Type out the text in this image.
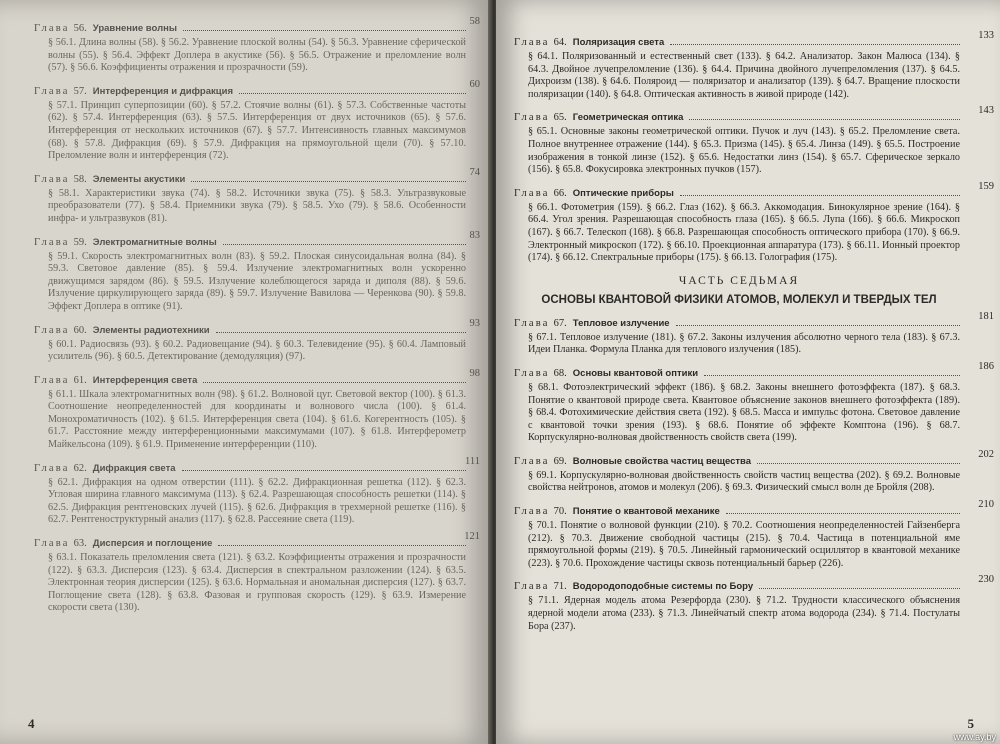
Глава 56. Уравнение волны
58
§ 56.1. Длина волны (58). § 56.2. Уравнение плоской волны (54). § 56.3. Уравнение сферической волны (55). § 56.4. Эффект Доплера в акустике (56). § 56.5. Отражение и преломление волн (57). § 56.6. Коэффициенты отражения и прозрачности (59).
Глава 57. Интерференция и дифракция
60
§ 57.1. Принцип суперпозиции (60). § 57.2. Стоячие волны (61). § 57.3. Собственные частоты (62). § 57.4. Интерференция (63). § 57.5. Интерференция от двух источников (65). § 57.6. Интерференция от нескольких источников (67). § 57.7. Интенсивность главных максимумов (68). § 57.8. Дифракция (69). § 57.9. Дифракция на прямоугольной щели (70). § 57.10. Преломление волн и интерференция (72).
Глава 58. Элементы акустики
74
§ 58.1. Характеристики звука (74). § 58.2. Источники звука (75). § 58.3. Ультразвуковые преобразователи (77). § 58.4. Приемники звука (79). § 58.5. Ухо (79). § 58.6. Особенности инфра- и ультразвуков (81).
Глава 59. Электромагнитные волны
83
§ 59.1. Скорость электромагнитных волн (83). § 59.2. Плоская синусоидальная волна (84). § 59.3. Световое давление (85). § 59.4. Излучение электромагнитных волн ускоренно движущимся зарядом (86). § 59.5. Излучение колеблющегося заряда и диполя (88). § 59.6. Излучение циркулирующего заряда (89). § 59.7. Излучение Вавилова — Черенкова (90). § 59.8. Эффект Доплера в оптике (91).
Глава 60. Элементы радиотехники
93
§ 60.1. Радиосвязь (93). § 60.2. Радиовещание (94). § 60.3. Телевидение (95). § 60.4. Ламповый усилитель (96). § 60.5. Детектирование (демодуляция) (97).
Глава 61. Интерференция света
98
§ 61.1. Шкала электромагнитных волн (98). § 61.2. Волновой цуг. Световой вектор (100). § 61.3. Соотношение неопределенностей для координаты и волнового числа (100). § 61.4. Монохроматичность (102). § 61.5. Интерференция света (104). § 61.6. Когерентность (105). § 61.7. Расстояние между интерференционными максимумами (107). § 61.8. Интерферометр Майкельсона (109). § 61.9. Применение интерференции (110).
Глава 62. Дифракция света
111
§ 62.1. Дифракция на одном отверстии (111). § 62.2. Дифракционная решетка (112). § 62.3. Угловая ширина главного максимума (113). § 62.4. Разрешающая способность решетки (114). § 62.5. Дифракция рентгеновских лучей (115). § 62.6. Дифракция в трехмерной решетке (116). § 62.7. Рентгеноструктурный анализ (117). § 62.8. Рассеяние света (119).
Глава 63. Дисперсия и поглощение
121
§ 63.1. Показатель преломления света (121). § 63.2. Коэффициенты отражения и прозрачности (122). § 63.3. Дисперсия (123). § 63.4. Дисперсия в спектральном разложении (124). § 63.5. Электронная теория дисперсии (125). § 63.6. Нормальная и аномальная дисперсия (127). § 63.7. Поглощение света (128). § 63.8. Фазовая и групповая скорость (129). § 63.9. Измерение скорости света (130).
4
Глава 64. Поляризация света
133
§ 64.1. Поляризованный и естественный свет (133). § 64.2. Анализатор. Закон Малюса (134). § 64.3. Двойное лучепреломление (136). § 64.4. Причина двойного лучепреломления (137). § 64.5. Дихроизм (138). § 64.6. Поляроид — поляризатор и анализатор (139). § 64.7. Вращение плоскости поляризации (140). § 64.8. Оптическая активность в живой природе (142).
Глава 65. Геометрическая оптика
143
§ 65.1. Основные законы геометрической оптики. Пучок и луч (143). § 65.2. Преломление света. Полное внутреннее отражение (144). § 65.3. Призма (145). § 65.4. Линза (149). § 65.5. Построение изображения в тонкой линзе (152). § 65.6. Недостатки линз (154). § 65.7. Сферическое зеркало (156). § 65.8. Фокусировка электронных пучков (157).
Глава 66. Оптические приборы
159
§ 66.1. Фотометрия (159). § 66.2. Глаз (162). § 66.3. Аккомодация. Бинокулярное зрение (164). § 66.4. Угол зрения. Разрешающая способность глаза (165). § 66.5. Лупа (166). § 66.6. Микроскоп (167). § 66.7. Телескоп (168). § 66.8. Разрешающая способность оптического прибора (170). § 66.9. Электронный микроскоп (172). § 66.10. Проекционная аппаратура (173). § 66.11. Ионный проектор (174). § 66.12. Спектральные приборы (175). § 66.13. Голография (175).
ЧАСТЬ СЕДЬМАЯ
ОСНОВЫ КВАНТОВОЙ ФИЗИКИ АТОМОВ, МОЛЕКУЛ И ТВЕРДЫХ ТЕЛ
Глава 67. Тепловое излучение
181
§ 67.1. Тепловое излучение (181). § 67.2. Законы излучения абсолютно черного тела (183). § 67.3. Идеи Планка. Формула Планка для теплового излучения (185).
Глава 68. Основы квантовой оптики
186
§ 68.1. Фотоэлектрический эффект (186). § 68.2. Законы внешнего фотоэффекта (187). § 68.3. Понятие о квантовой природе света. Квантовое объяснение законов внешнего фотоэффекта (189). § 68.4. Фотохимические действия света (192). § 68.5. Масса и импульс фотона. Световое давление с квантовой точки зрения (193). § 68.6. Понятие об эффекте Комптона (196). § 68.7. Корпускулярно-волновая двойственность свойств света (199).
Глава 69. Волновые свойства частиц вещества
202
§ 69.1. Корпускулярно-волновая двойственность свойств частиц вещества (202). § 69.2. Волновые свойства нейтронов, атомов и молекул (206). § 69.3. Физический смысл волн де Бройля (208).
Глава 70. Понятие о квантовой механике
210
§ 70.1. Понятие о волновой функции (210). § 70.2. Соотношения неопределенностей Гайзенберга (212). § 70.3. Движение свободной частицы (215). § 70.4. Частица в потенциальной яме прямоугольной формы (219). § 70.5. Линейный гармонический осциллятор в квантовой механике (223). § 70.6. Прохождение частицы сквозь потенциальный барьер (226).
Глава 71. Водородоподобные системы по Бору
230
§ 71.1. Ядерная модель атома Резерфорда (230). § 71.2. Трудности классического объяснения ядерной модели атома (233). § 71.3. Линейчатый спектр атома водорода (234). § 71.4. Постулаты Бора (237).
5
www.ay.by
